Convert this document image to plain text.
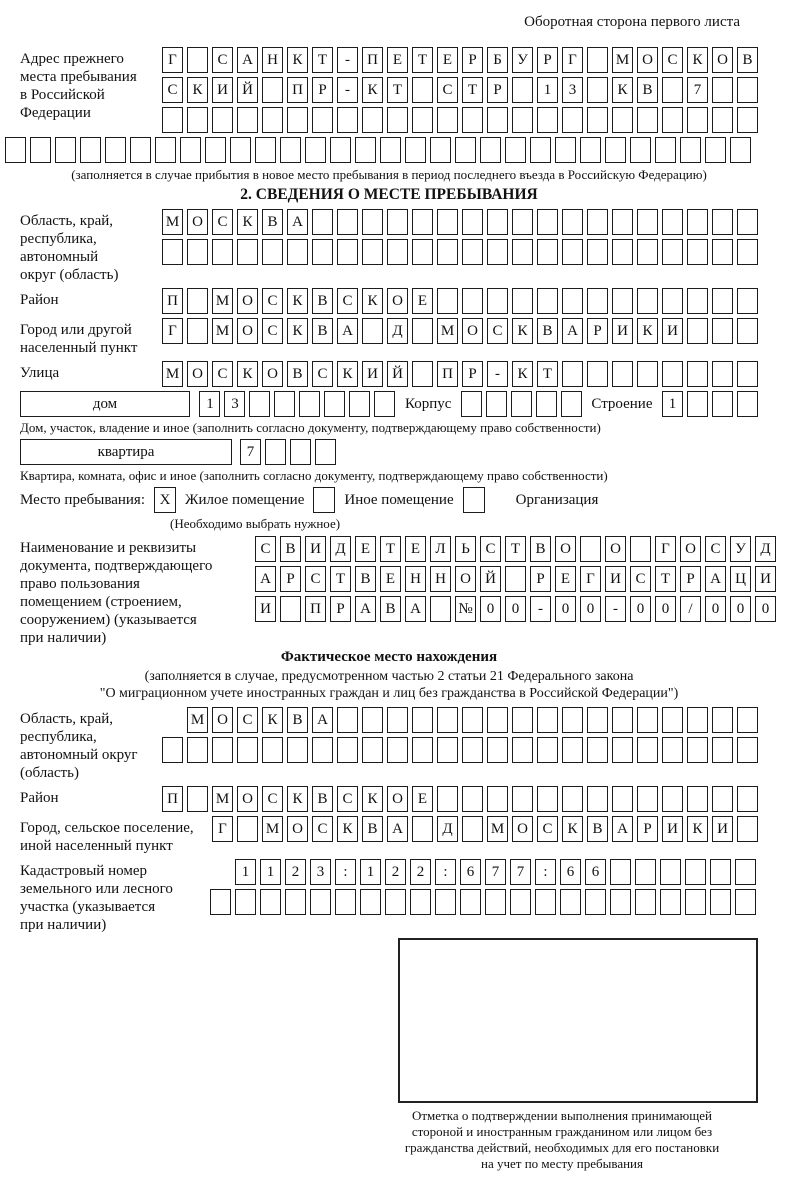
Оборотная сторона первого листа
Адрес прежнего
места пребывания
в Российской
Федерации
Г	С А Н К	Т	-	П Е	Т	Е	Р	Б	У	Р	Г	М О С К О В
С К И Й	П	Р	-	К	Т	С	Т	Р	1	3	К В	7
(заполняется в случае прибытия в новое место пребывания в период последнего въезда в Российскую Федерацию)
2. СВЕДЕНИЯ О МЕСТЕ ПРЕБЫВАНИЯ
Область, край,
республика,
автономный
округ (область)
М О С К В А
Район	П	М О С К В С К О Е
Город или другой
населенный пункт
Г	М О С К В А	Д	М О С К В А	Р	И К И
Улица	М О С К О В С К И Й	П	Р	-	К	Т
дом	1	3	Корпус	Строение	1
Дом, участок, владение и иное (заполнить согласно документу, подтверждающему право собственности)
квартира	7
Квартира, комната, офис и иное (заполнить согласно документу, подтверждающему право собственности)
Место пребывания: X Жилое помещение	Иное помещение	Организация
(Необходимо выбрать нужное)
Наименование и реквизиты
документа, подтверждающего
право пользования
помещением (строением,
сооружением) (указывается
при наличии)
С В И Д	Е	Т	Е	Л	Ь	С	Т	В О	О	Г	О С У Д
А	Р	С	Т	В	Е	Н Н О Й	Р	Е	Г	И С	Т	Р	А Ц И
И	П	Р	А В А	№ 0	0	-	0	0	-	0	0	/	0	0	0
Фактическое место нахождения
(заполняется в случае, предусмотренном частью 2 статьи 21 Федерального закона
"О миграционном учете иностранных граждан и лиц без гражданства в Российской Федерации")
Область, край,
республика,
автономный округ
(область)
М О С К В А
Район	П	М О С К В С К О Е
Город, сельское поселение,
иной населенный пункт
Г	М О С К В А	Д	М О С К В А	Р	И К И
Кадастровый номер
земельного или лесного
участка (указывается
при наличии)
1	1	2	3	:	1	2	2	:	6	7	7	:	6	6
Отметка о подтверждении выполнения принимающей
стороной и иностранным гражданином или лицом без
гражданства действий, необходимых для его постановки
на учет по месту пребывания
